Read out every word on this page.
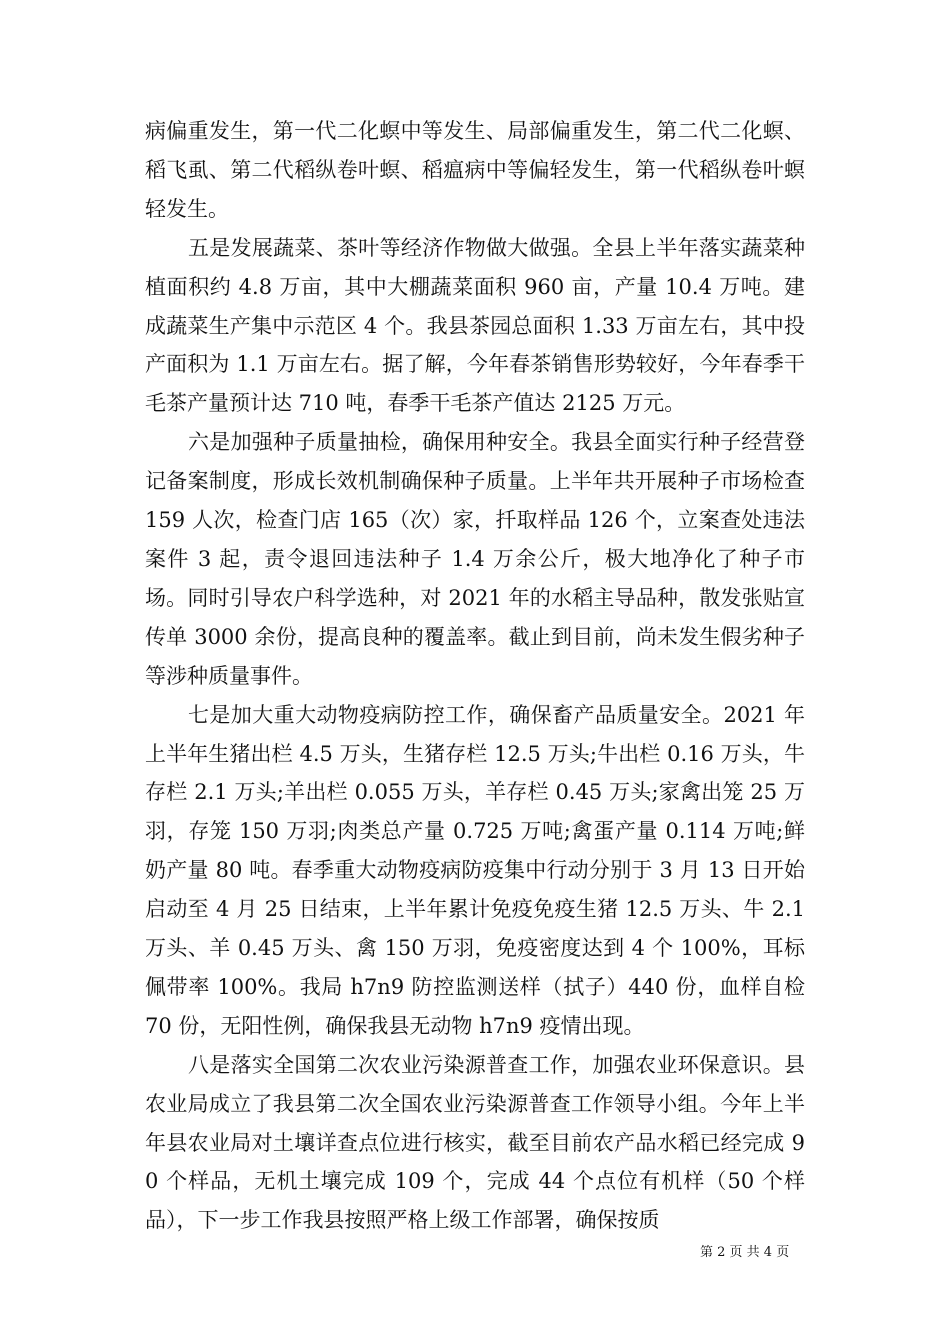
病偏重发生，第一代二化螟中等发生、局部偏重发生，第二代二化螟、稻飞虱、第二代稻纵卷叶螟、稻瘟病中等偏轻发生，第一代稻纵卷叶螟轻发生。

五是发展蔬菜、茶叶等经济作物做大做强。全县上半年落实蔬菜种植面积约 4.8 万亩，其中大棚蔬菜面积 960 亩，产量 10.4 万吨。建成蔬菜生产集中示范区 4 个。我县茶园总面积 1.33 万亩左右，其中投产面积为 1.1 万亩左右。据了解，今年春茶销售形势较好，今年春季干毛茶产量预计达 710 吨，春季干毛茶产值达 2125 万元。

六是加强种子质量抽检，确保用种安全。我县全面实行种子经营登记备案制度，形成长效机制确保种子质量。上半年共开展种子市场检查 159 人次，检查门店 165（次）家，扦取样品 126 个，立案查处违法案件 3 起，责令退回违法种子 1.4 万余公斤，极大地净化了种子市场。同时引导农户科学选种，对 2021 年的水稻主导品种，散发张贴宣传单 3000 余份，提高良种的覆盖率。截止到目前，尚未发生假劣种子等涉种质量事件。

七是加大重大动物疫病防控工作，确保畜产品质量安全。2021 年上半年生猪出栏 4.5 万头，生猪存栏 12.5 万头;牛出栏 0.16 万头，牛存栏 2.1 万头;羊出栏 0.055 万头，羊存栏 0.45 万头;家禽出笼 25 万羽，存笼 150 万羽;肉类总产量 0.725 万吨;禽蛋产量 0.114 万吨;鲜奶产量 80 吨。春季重大动物疫病防疫集中行动分别于 3 月 13 日开始启动至 4 月 25 日结束，上半年累计免疫免疫生猪 12.5 万头、牛 2.1 万头、羊 0.45 万头、禽 150 万羽，免疫密度达到 4 个 100%，耳标佩带率 100%。我局 h7n9 防控监测送样（拭子）440 份，血样自检 70 份，无阳性例，确保我县无动物 h7n9 疫情出现。

八是落实全国第二次农业污染源普查工作，加强农业环保意识。县农业局成立了我县第二次全国农业污染源普查工作领导小组。今年上半年县农业局对土壤详查点位进行核实，截至目前农产品水稻已经完成 90 个样品，无机土壤完成 109 个，完成 44 个点位有机样（50 个样品），下一步工作我县按照严格上级工作部署，确保按质

第 2 页 共 4 页
